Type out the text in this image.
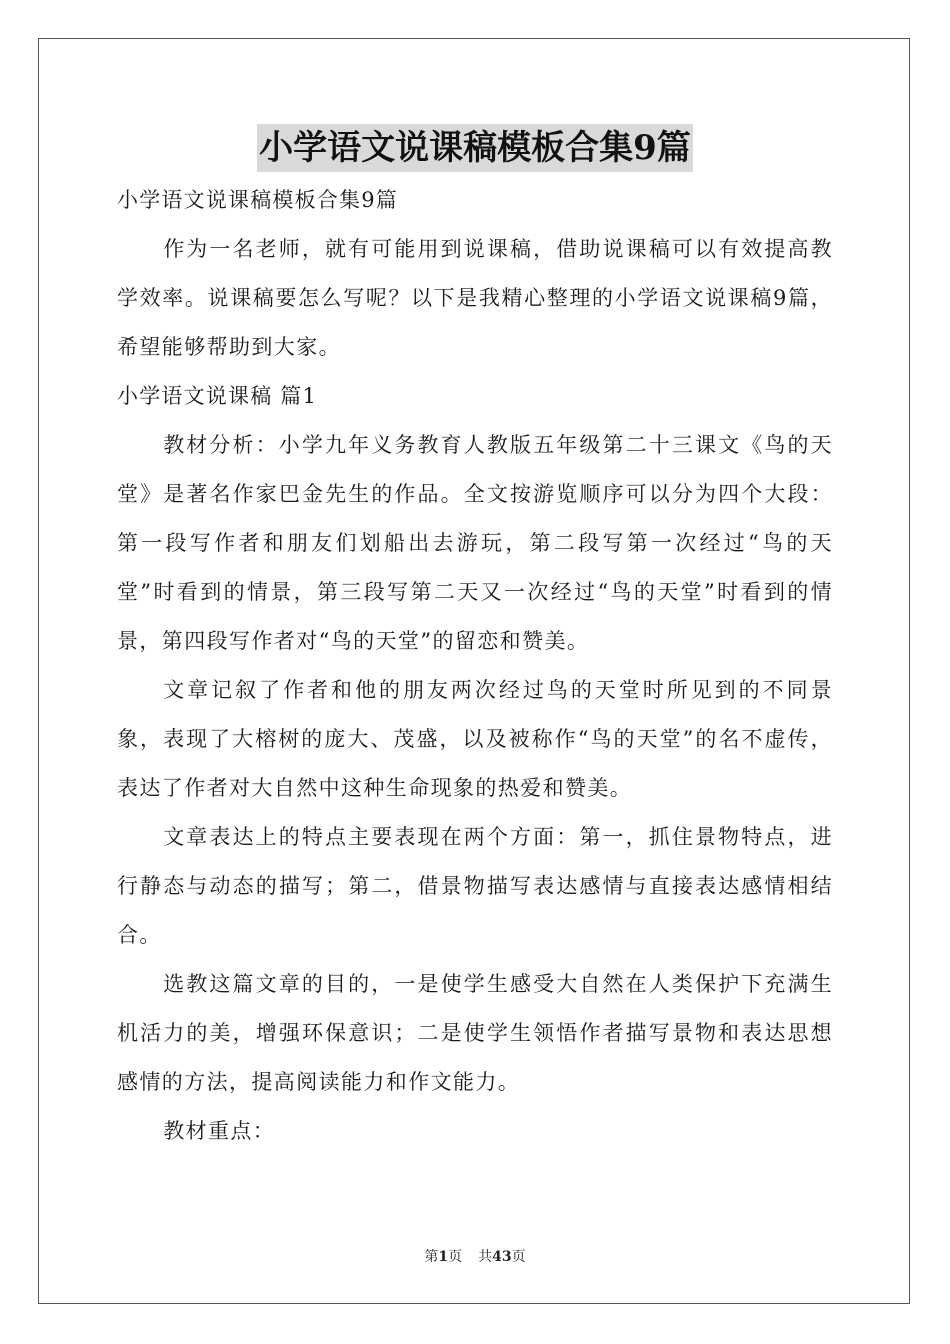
小学语文说课稿模板合集9篇

小学语文说课稿模板合集9篇

作为一名老师，就有可能用到说课稿，借助说课稿可以有效提高教学效率。说课稿要怎么写呢？以下是我精心整理的小学语文说课稿9篇，希望能够帮助到大家。

小学语文说课稿 篇1

教材分析：小学九年义务教育人教版五年级第二十三课文《鸟的天堂》是著名作家巴金先生的作品。全文按游览顺序可以分为四个大段：第一段写作者和朋友们划船出去游玩，第二段写第一次经过“鸟的天堂”时看到的情景，第三段写第二天又一次经过“鸟的天堂”时看到的情景，第四段写作者对“鸟的天堂”的留恋和赞美。

文章记叙了作者和他的朋友两次经过鸟的天堂时所见到的不同景象，表现了大榕树的庞大、茂盛，以及被称作“鸟的天堂”的名不虚传，表达了作者对大自然中这种生命现象的热爱和赞美。

文章表达上的特点主要表现在两个方面：第一，抓住景物特点，进行静态与动态的描写；第二，借景物描写表达感情与直接表达感情相结合。

选教这篇文章的目的，一是使学生感受大自然在人类保护下充满生机活力的美，增强环保意识；二是使学生领悟作者描写景物和表达思想感情的方法，提高阅读能力和作文能力。

教材重点：

第1页 共43页
